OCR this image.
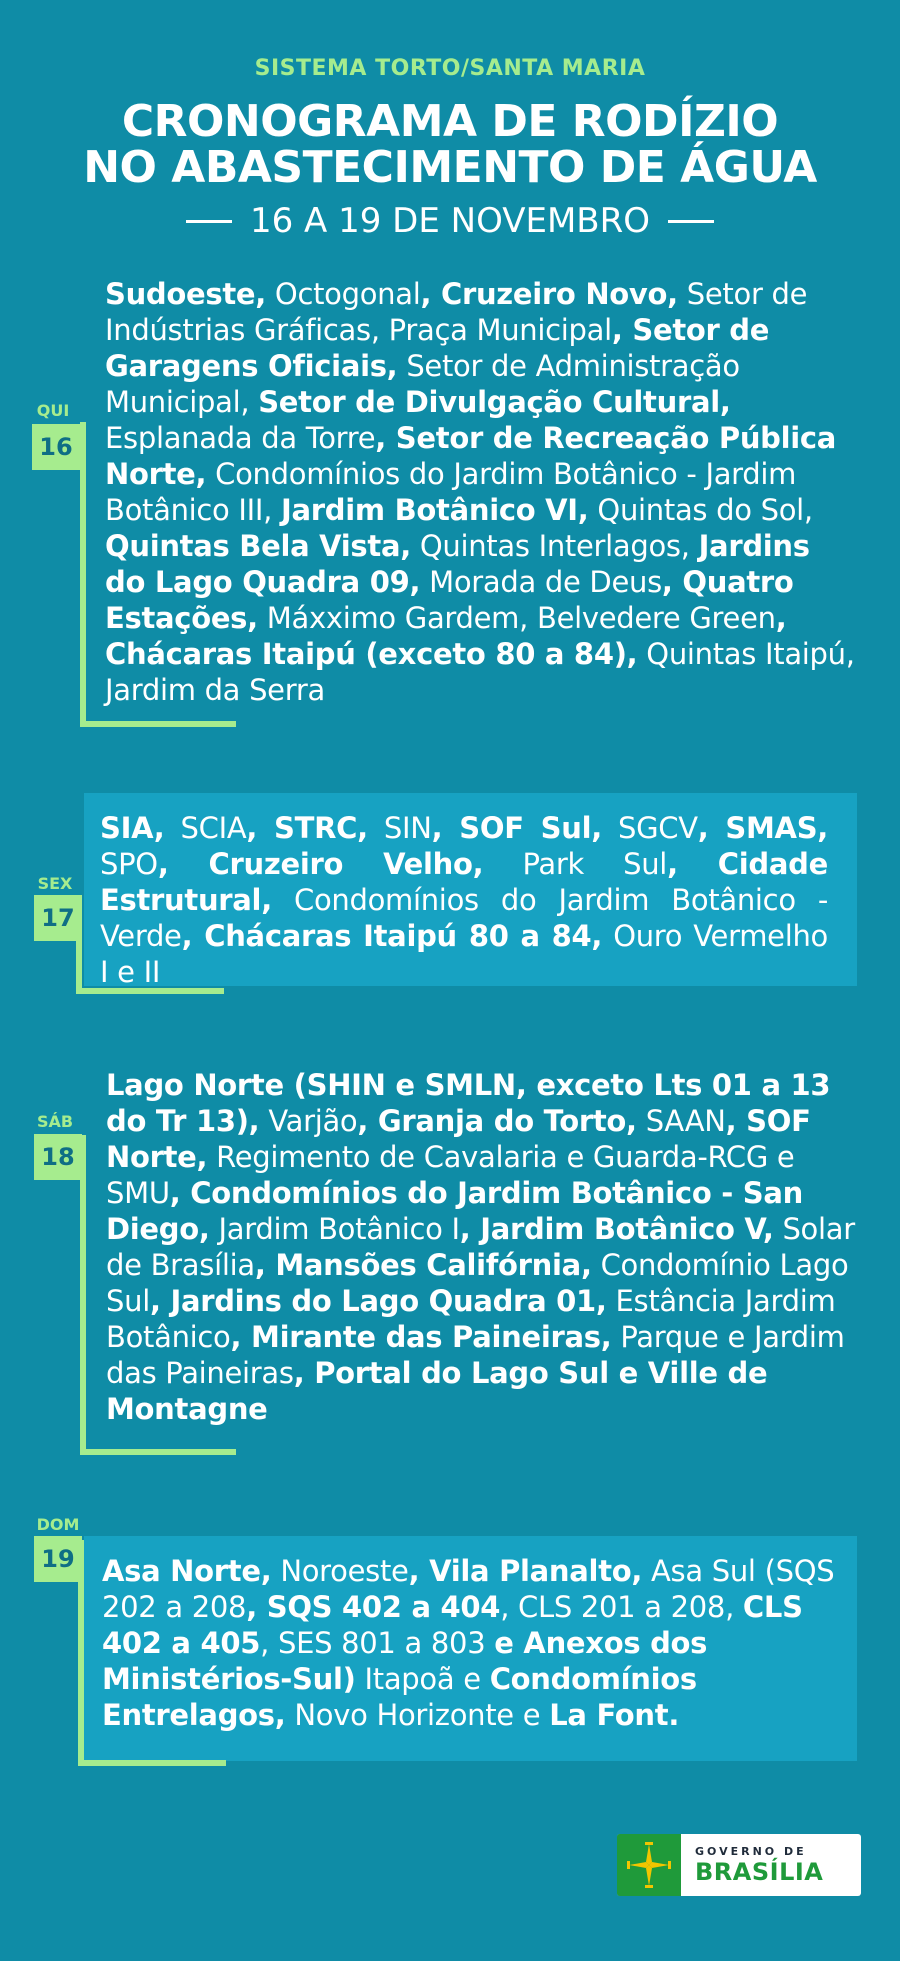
SISTEMA TORTO/SANTA MARIA
CRONOGRAMA DE RODÍZIO
NO ABASTECIMENTO DE ÁGUA
16 A 19 DE NOVEMBRO
QUI
16
Sudoeste, Octogonal, Cruzeiro Novo, Setor de Indústrias Gráficas, Praça Municipal, Setor de Garagens Oficiais, Setor de Administração Municipal, Setor de Divulgação Cultural, Esplanada da Torre, Setor de Recreação Pública Norte, Condomínios do Jardim Botânico - Jardim Botânico III, Jardim Botânico VI, Quintas do Sol, Quintas Bela Vista, Quintas Interlagos, Jardins do Lago Quadra 09, Morada de Deus, Quatro Estações, Máxximo Gardem, Belvedere Green, Chácaras Itaipú (exceto 80 a 84), Quintas Itaipú, Jardim da Serra
SEX
17
SIA, SCIA, STRC, SIN, SOF Sul, SGCV, SMAS, SPO, Cruzeiro Velho, Park Sul, Cidade Estrutural, Condomínios do Jardim Botânico - Verde, Chácaras Itaipú 80 a 84, Ouro Vermelho I e II
SÁB
18
Lago Norte (SHIN e SMLN, exceto Lts 01 a 13 do Tr 13), Varjão, Granja do Torto, SAAN, SOF Norte, Regimento de Cavalaria e Guarda-RCG e SMU, Condomínios do Jardim Botânico - San Diego, Jardim Botânico I, Jardim Botânico V, Solar de Brasília, Mansões Califórnia, Condomínio Lago Sul, Jardins do Lago Quadra 01, Estância Jardim Botânico, Mirante das Paineiras, Parque e Jardim das Paineiras, Portal do Lago Sul e Ville de Montagne
DOM
19 Asa Norte, Noroeste, Vila Planalto, Asa Sul (SQS 202 a 208, SQS 402 a 404, CLS 201 a 208, CLS 402 a 405, SES 801 a 803 e Anexos dos Ministérios-Sul) Itapoã e Condomínios Entrelagos, Novo Horizonte e La Font.
GOVERNO DE
BRASÍLIA
